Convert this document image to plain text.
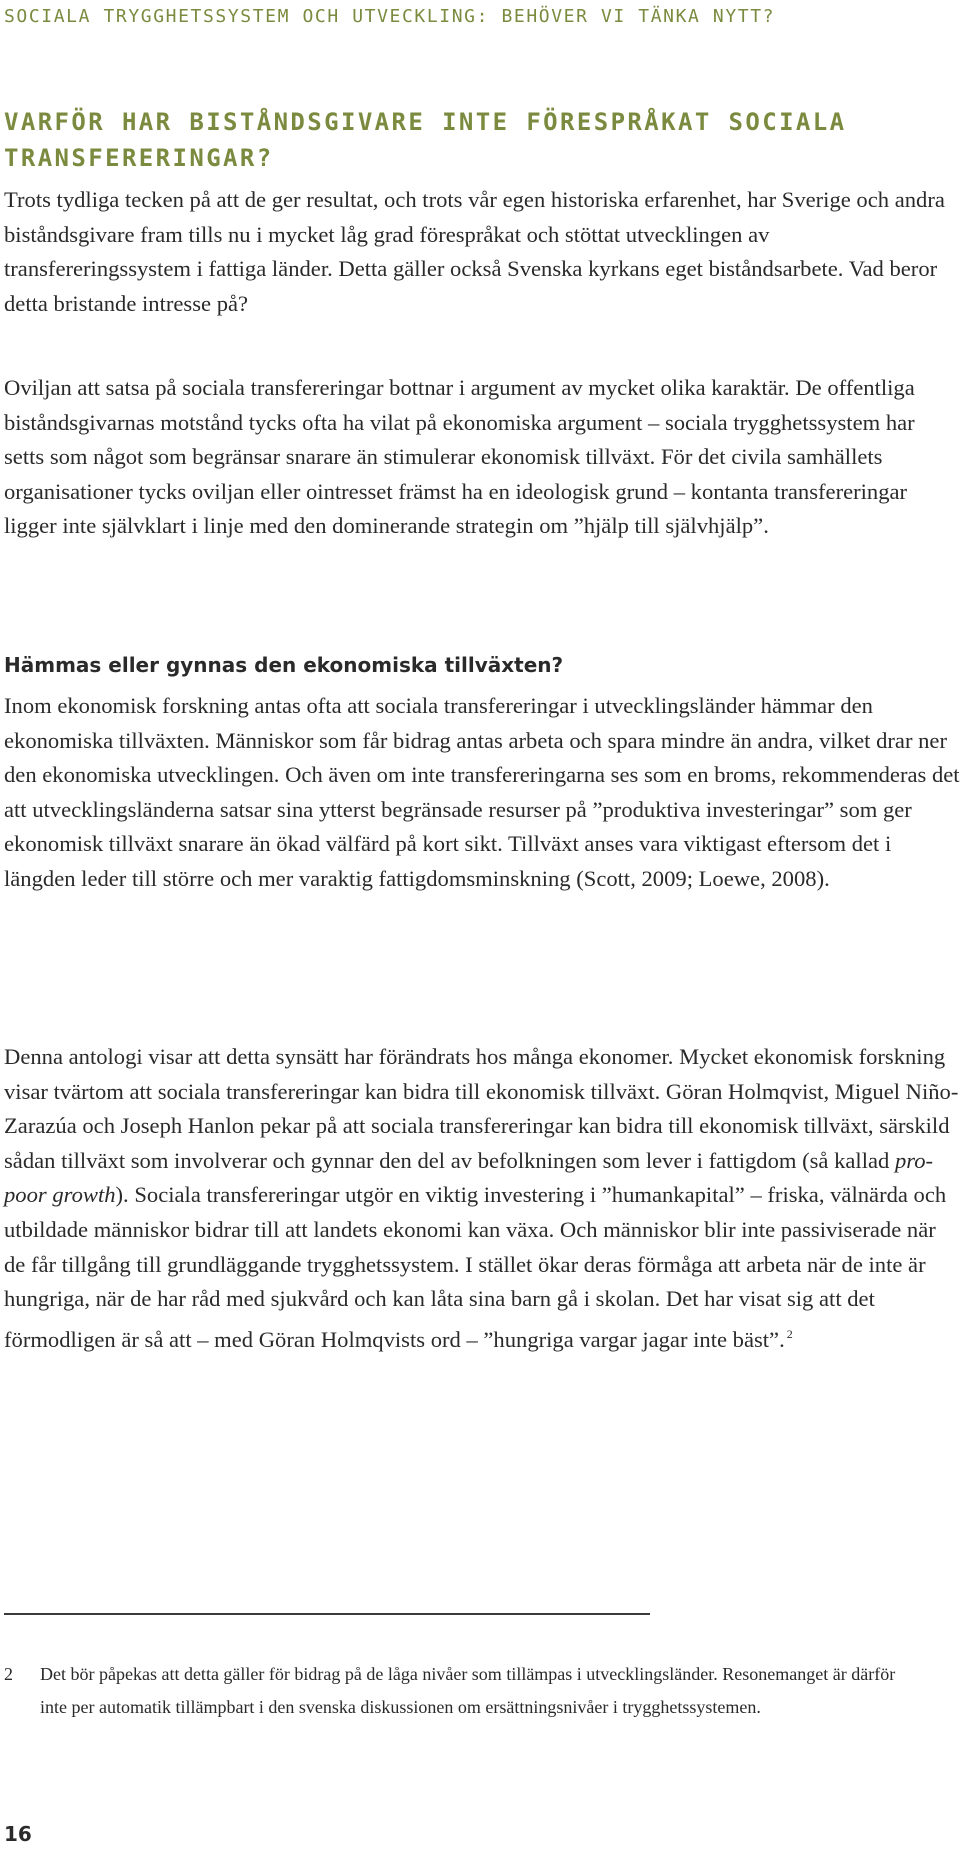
SOCIALA TRYGGHETSSYSTEM OCH UTVECKLING: BEHÖVER VI TÄNKA NYTT?
VARFÖR HAR BISTÅNDSGIVARE INTE FÖRESPRÅKAT SOCIALA TRANSFERERINGAR?

Trots tydliga tecken på att de ger resultat, och trots vår egen historiska erfarenhet, har Sverige och andra biståndsgivare fram tills nu i mycket låg grad förespråkat och stöttat utvecklingen av transfereringssystem i fattiga länder. Detta gäller också Svenska kyrkans eget biståndsarbete. Vad beror detta bristande intresse på?

Oviljan att satsa på sociala transfereringar bottnar i argument av mycket olika karaktär. De offentliga biståndsgivarnas motstånd tycks ofta ha vilat på ekonomiska argument – sociala trygghetssystem har setts som något som begränsar snarare än stimulerar ekonomisk tillväxt. För det civila samhällets organisationer tycks oviljan eller ointresset främst ha en ideologisk grund – kontanta transfereringar ligger inte självklart i linje med den dominerande strategin om ”hjälp till självhjälp”.

Hämmas eller gynnas den ekonomiska tillväxten?

Inom ekonomisk forskning antas ofta att sociala transfereringar i utvecklingsländer hämmar den ekonomiska tillväxten. Människor som får bidrag antas arbeta och spara mindre än andra, vilket drar ner den ekonomiska utvecklingen. Och även om inte transfereringarna ses som en broms, rekommenderas det att utvecklingsländerna satsar sina ytterst begränsade resurser på ”produktiva investeringar” som ger ekonomisk tillväxt snarare än ökad välfärd på kort sikt. Tillväxt anses vara viktigast eftersom det i längden leder till större och mer varaktig fattigdomsminskning (Scott, 2009; Loewe, 2008).

Denna antologi visar att detta synsätt har förändrats hos många ekonomer. Mycket ekonomisk forskning visar tvärtom att sociala transfereringar kan bidra till ekonomisk tillväxt. Göran Holmqvist, Miguel Niño-Zarazúa och Joseph Hanlon pekar på att sociala transfereringar kan bidra till ekonomisk tillväxt, särskild sådan tillväxt som involverar och gynnar den del av befolkningen som lever i fattigdom (så kallad pro-poor growth). Sociala transfereringar utgör en viktig investering i ”humankapital” – friska, välnärda och utbildade människor bidrar till att landets ekonomi kan växa. Och människor blir inte passiviserade när de får tillgång till grundläggande trygghetssystem. I stället ökar deras förmåga att arbeta när de inte är hungriga, när de har råd med sjukvård och kan låta sina barn gå i skolan. Det har visat sig att det förmodligen är så att – med Göran Holmqvists ord – ”hungriga vargar jagar inte bäst”. $^2$

2 Det bör påpekas att detta gäller för bidrag på de låga nivåer som tillämpas i utvecklingsländer. Resonemanget är därför inte per automatik tillämpbart i den svenska diskussionen om ersättningsnivåer i trygghetssystemen.
16
